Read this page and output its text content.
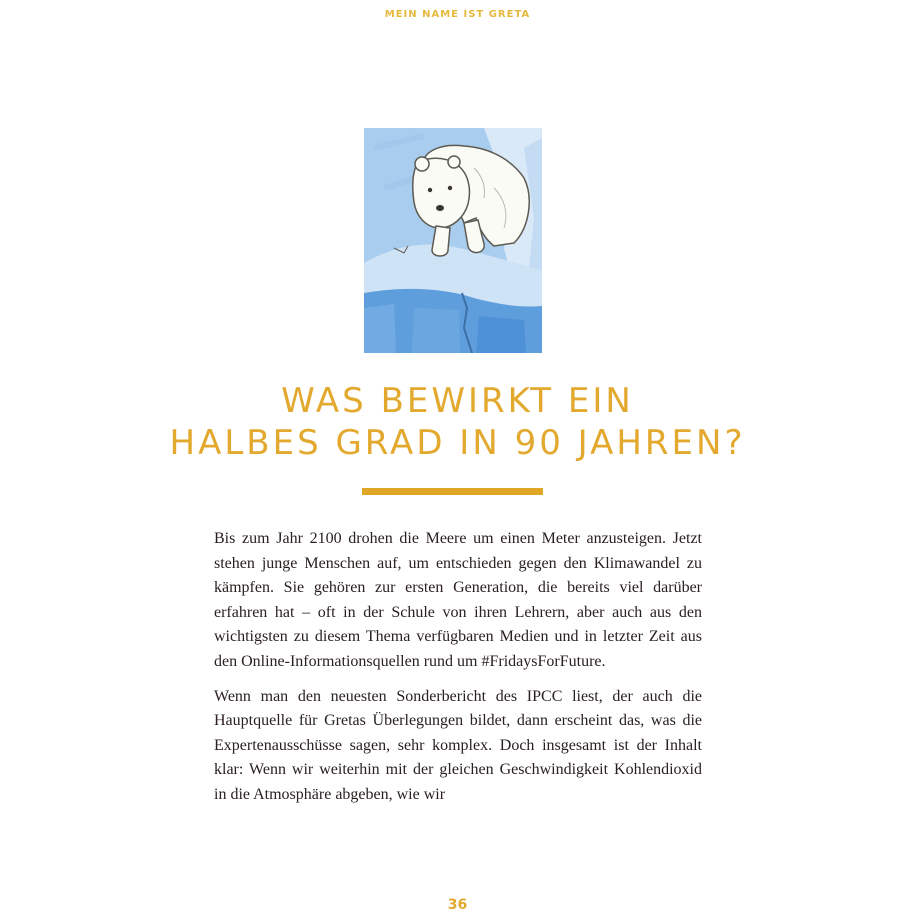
MEIN NAME IST GRETA
WAS BEWIRKT EIN
HALBES GRAD IN 90 JAHREN?

Bis zum Jahr 2100 drohen die Meere um einen Meter anzusteigen. Jetzt stehen junge Menschen auf, um entschieden gegen den Klimawandel zu kämpfen. Sie gehören zur ersten Generation, die bereits viel darüber erfahren hat – oft in der Schule von ihren Lehrern, aber auch aus den wichtigsten zu diesem Thema verfügbaren Medien und in letzter Zeit aus den Online-Informationsquellen rund um #FridaysForFuture.

Wenn man den neuesten Sonderbericht des IPCC liest, der auch die Hauptquelle für Gretas Überlegungen bildet, dann erscheint das, was die Expertenausschüsse sagen, sehr komplex. Doch insgesamt ist der Inhalt klar: Wenn wir weiterhin mit der gleichen Geschwindigkeit Kohlendioxid in die Atmosphäre abgeben, wie wir

36
